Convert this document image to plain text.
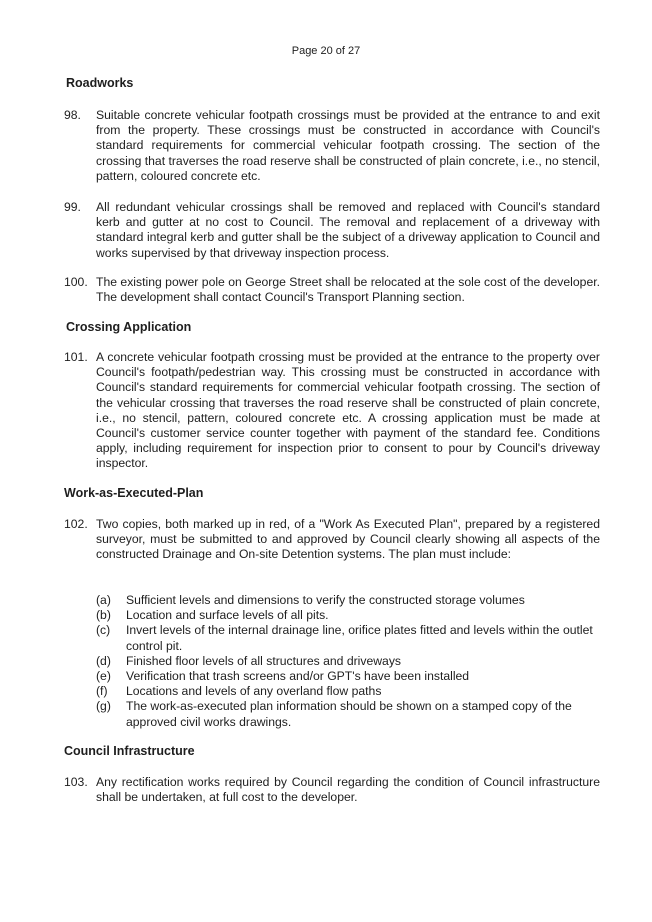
Page 20 of 27
Roadworks
98. Suitable concrete vehicular footpath crossings must be provided at the entrance to and exit from the property. These crossings must be constructed in accordance with Council's standard requirements for commercial vehicular footpath crossing. The section of the crossing that traverses the road reserve shall be constructed of plain concrete, i.e., no stencil, pattern, coloured concrete etc.
99. All redundant vehicular crossings shall be removed and replaced with Council's standard kerb and gutter at no cost to Council. The removal and replacement of a driveway with standard integral kerb and gutter shall be the subject of a driveway application to Council and works supervised by that driveway inspection process.
100. The existing power pole on George Street shall be relocated at the sole cost of the developer. The development shall contact Council's Transport Planning section.
Crossing Application
101. A concrete vehicular footpath crossing must be provided at the entrance to the property over Council's footpath/pedestrian way. This crossing must be constructed in accordance with Council's standard requirements for commercial vehicular footpath crossing. The section of the vehicular crossing that traverses the road reserve shall be constructed of plain concrete, i.e., no stencil, pattern, coloured concrete etc. A crossing application must be made at Council's customer service counter together with payment of the standard fee. Conditions apply, including requirement for inspection prior to consent to pour by Council's driveway inspector.
Work-as-Executed-Plan
102. Two copies, both marked up in red, of a "Work As Executed Plan", prepared by a registered surveyor, must be submitted to and approved by Council clearly showing all aspects of the constructed Drainage and On-site Detention systems. The plan must include:
(a) Sufficient levels and dimensions to verify the constructed storage volumes
(b) Location and surface levels of all pits.
(c) Invert levels of the internal drainage line, orifice plates fitted and levels within the outlet control pit.
(d) Finished floor levels of all structures and driveways
(e) Verification that trash screens and/or GPT's have been installed
(f) Locations and levels of any overland flow paths
(g) The work-as-executed plan information should be shown on a stamped copy of the approved civil works drawings.
Council Infrastructure
103. Any rectification works required by Council regarding the condition of Council infrastructure shall be undertaken, at full cost to the developer.
